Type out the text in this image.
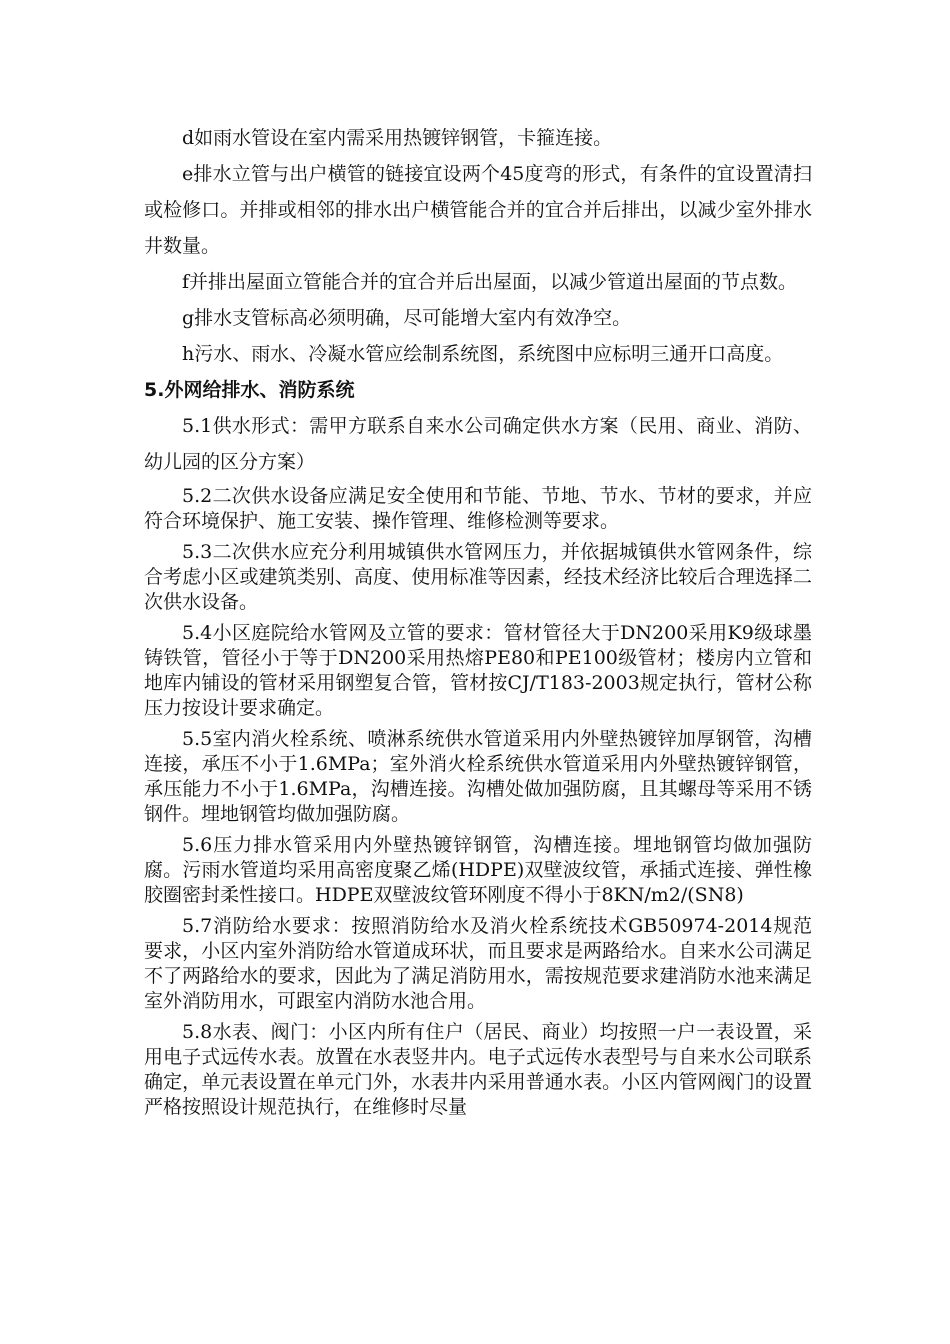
d如雨水管设在室内需采用热镀锌钢管，卡箍连接。

e排水立管与出户横管的链接宜设两个45度弯的形式，有条件的宜设置清扫或检修口。并排或相邻的排水出户横管能合并的宜合并后排出，以减少室外排水井数量。

f并排出屋面立管能合并的宜合并后出屋面，以减少管道出屋面的节点数。

g排水支管标高必须明确，尽可能增大室内有效净空。

h污水、雨水、冷凝水管应绘制系统图，系统图中应标明三通开口高度。

5.外网给排水、消防系统

5.1供水形式：需甲方联系自来水公司确定供水方案（民用、商业、消防、幼儿园的区分方案）

5.2二次供水设备应满足安全使用和节能、节地、节水、节材的要求，并应符合环境保护、施工安装、操作管理、维修检测等要求。

5.3二次供水应充分利用城镇供水管网压力，并依据城镇供水管网条件，综合考虑小区或建筑类别、高度、使用标准等因素，经技术经济比较后合理选择二次供水设备。

5.4小区庭院给水管网及立管的要求：管材管径大于DN200采用K9级球墨铸铁管，管径小于等于DN200采用热熔PE80和PE100级管材；楼房内立管和地库内铺设的管材采用钢塑复合管，管材按CJ/T183-2003规定执行，管材公称压力按设计要求确定。

5.5室内消火栓系统、喷淋系统供水管道采用内外壁热镀锌加厚钢管，沟槽连接，承压不小于1.6MPa；室外消火栓系统供水管道采用内外壁热镀锌钢管，承压能力不小于1.6MPa，沟槽连接。沟槽处做加强防腐，且其螺母等采用不锈钢件。埋地钢管均做加强防腐。

5.6压力排水管采用内外壁热镀锌钢管，沟槽连接。埋地钢管均做加强防腐。污雨水管道均采用高密度聚乙烯(HDPE)双壁波纹管，承插式连接、弹性橡胶圈密封柔性接口。HDPE双壁波纹管环刚度不得小于8KN/m2/(SN8)

5.7消防给水要求：按照消防给水及消火栓系统技术GB50974-2014规范要求，小区内室外消防给水管道成环状，而且要求是两路给水。自来水公司满足不了两路给水的要求，因此为了满足消防用水，需按规范要求建消防水池来满足室外消防用水，可跟室内消防水池合用。

5.8水表、阀门：小区内所有住户（居民、商业）均按照一户一表设置，采用电子式远传水表。放置在水表竖井内。电子式远传水表型号与自来水公司联系确定，单元表设置在单元门外，水表井内采用普通水表。小区内管网阀门的设置严格按照设计规范执行，在维修时尽量
